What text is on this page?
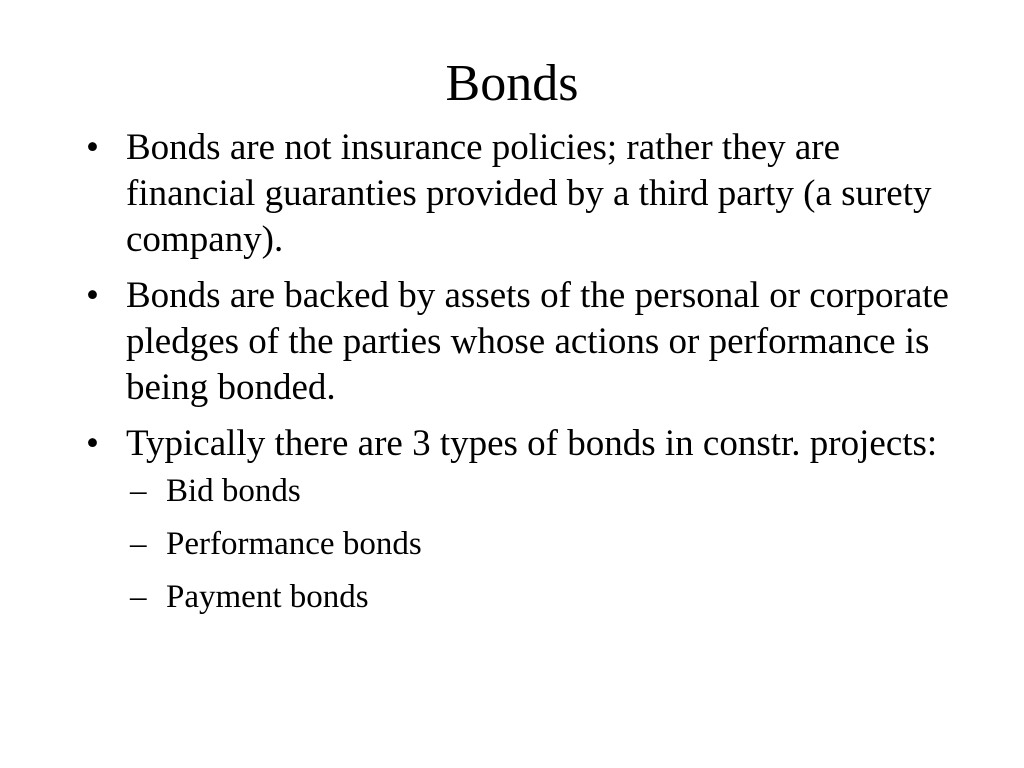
Bonds
• Bonds are not insurance policies; rather they are financial guaranties provided by a third party (a surety company).
• Bonds are backed by assets of the personal or corporate pledges of the parties whose actions or performance is being bonded.
• Typically there are 3 types of bonds in constr. projects:
– Bid bonds
– Performance bonds
– Payment bonds
